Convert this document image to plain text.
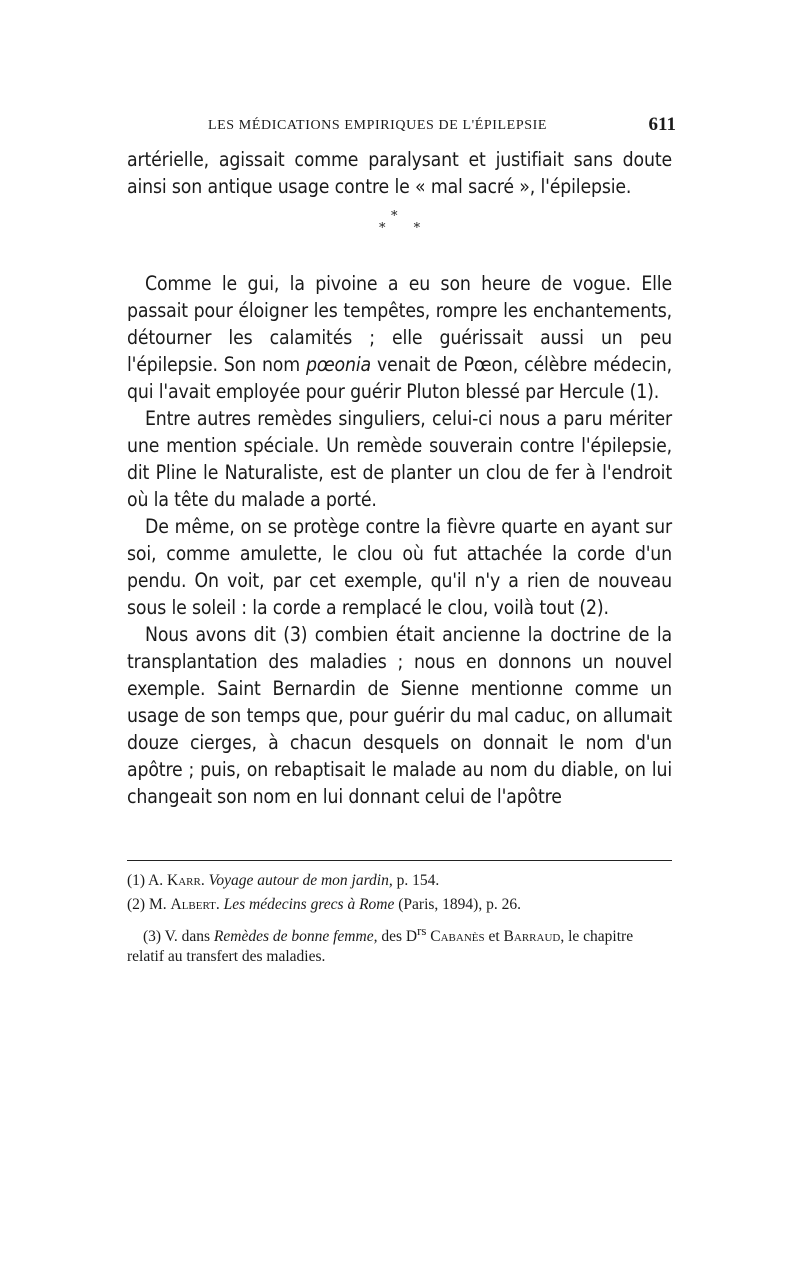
LES MÉDICATIONS EMPIRIQUES DE L'ÉPILEPSIE	611

artérielle, agissait comme paralysant et justifiait sans doute ainsi son antique usage contre le « mal sacré », l'épilepsie.

*
* *

Comme le gui, la pivoine a eu son heure de vogue. Elle passait pour éloigner les tempêtes, rompre les enchantements, détourner les calamités ; elle guérissait aussi un peu l'épilepsie. Son nom pœonia venait de Pœon, célèbre médecin, qui l'avait employée pour guérir Pluton blessé par Hercule (1).

Entre autres remèdes singuliers, celui-ci nous a paru mériter une mention spéciale. Un remède souverain contre l'épilepsie, dit Pline le Naturaliste, est de planter un clou de fer à l'endroit où la tête du malade a porté.

De même, on se protège contre la fièvre quarte en ayant sur soi, comme amulette, le clou où fut attachée la corde d'un pendu. On voit, par cet exemple, qu'il n'y a rien de nouveau sous le soleil : la corde a remplacé le clou, voilà tout (2).

Nous avons dit (3) combien était ancienne la doctrine de la transplantation des maladies ; nous en donnons un nouvel exemple. Saint Bernardin de Sienne mentionne comme un usage de son temps que, pour guérir du mal caduc, on allumait douze cierges, à chacun desquels on donnait le nom d'un apôtre ; puis, on rebaptisait le malade au nom du diable, on lui changeait son nom en lui donnant celui de l'apôtre

(1) A. Karr. Voyage autour de mon jardin, p. 154.

(2) M. Albert. Les médecins grecs à Rome (Paris, 1894), p. 26.

(3) V. dans Remèdes de bonne femme, des $D^{rs}$ Cabanès et Barraud, le chapitre relatif au transfert des maladies.
